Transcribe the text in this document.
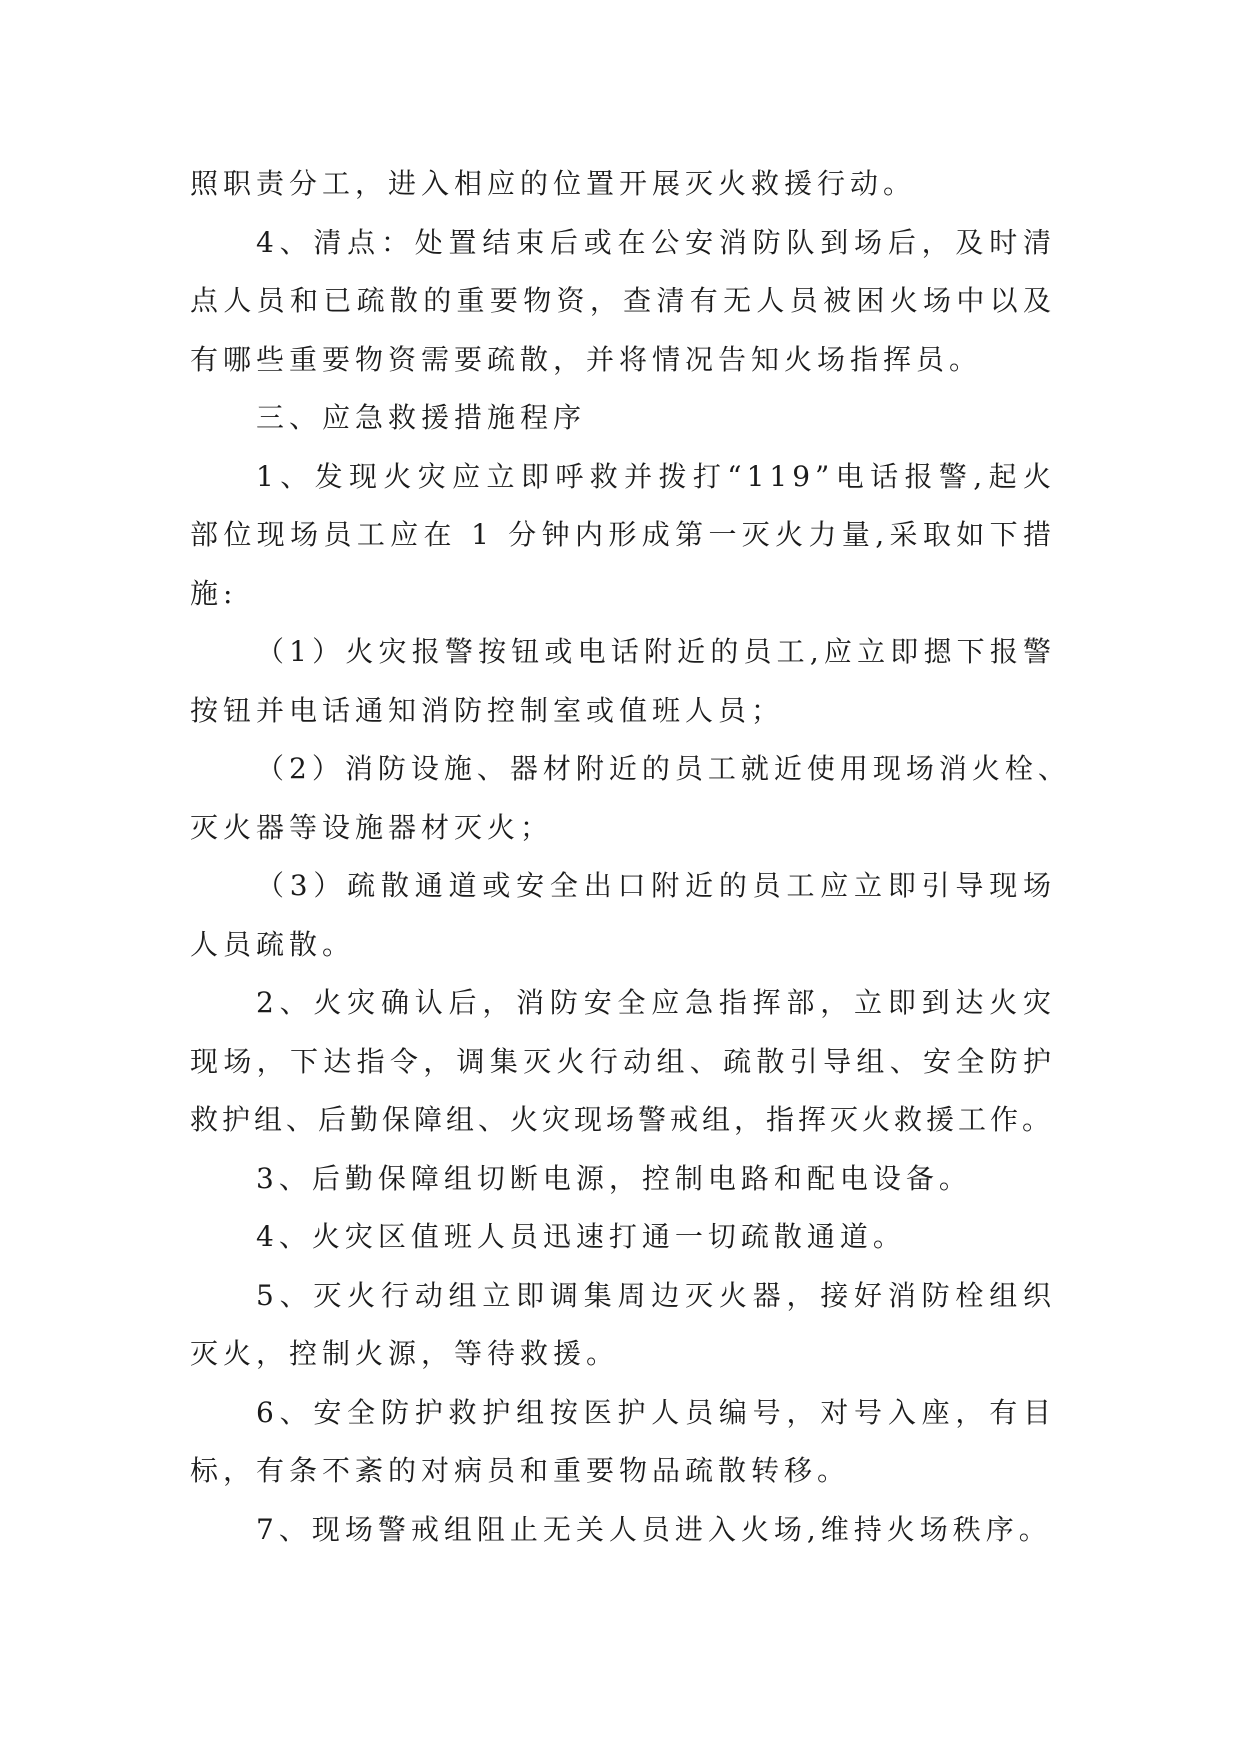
照职责分工，进入相应的位置开展灭火救援行动。
4、清点：处置结束后或在公安消防队到场后，及时清
点人员和已疏散的重要物资，查清有无人员被困火场中以及
有哪些重要物资需要疏散，并将情况告知火场指挥员。
三、应急救援措施程序
1、发现火灾应立即呼救并拨打“119”电话报警,起火
部位现场员工应在 1 分钟内形成第一灭火力量,采取如下措
施:
（1）火灾报警按钮或电话附近的员工,应立即摁下报警
按钮并电话通知消防控制室或值班人员；
（2）消防设施、器材附近的员工就近使用现场消火栓、
灭火器等设施器材灭火；
（3）疏散通道或安全出口附近的员工应立即引导现场
人员疏散。
2、火灾确认后，消防安全应急指挥部，立即到达火灾
现场，下达指令，调集灭火行动组、疏散引导组、安全防护
救护组、后勤保障组、火灾现场警戒组，指挥灭火救援工作。
3、后勤保障组切断电源，控制电路和配电设备。
4、火灾区值班人员迅速打通一切疏散通道。
5、灭火行动组立即调集周边灭火器，接好消防栓组织
灭火，控制火源，等待救援。
6、安全防护救护组按医护人员编号，对号入座，有目
标，有条不紊的对病员和重要物品疏散转移。
7、现场警戒组阻止无关人员进入火场,维持火场秩序。
